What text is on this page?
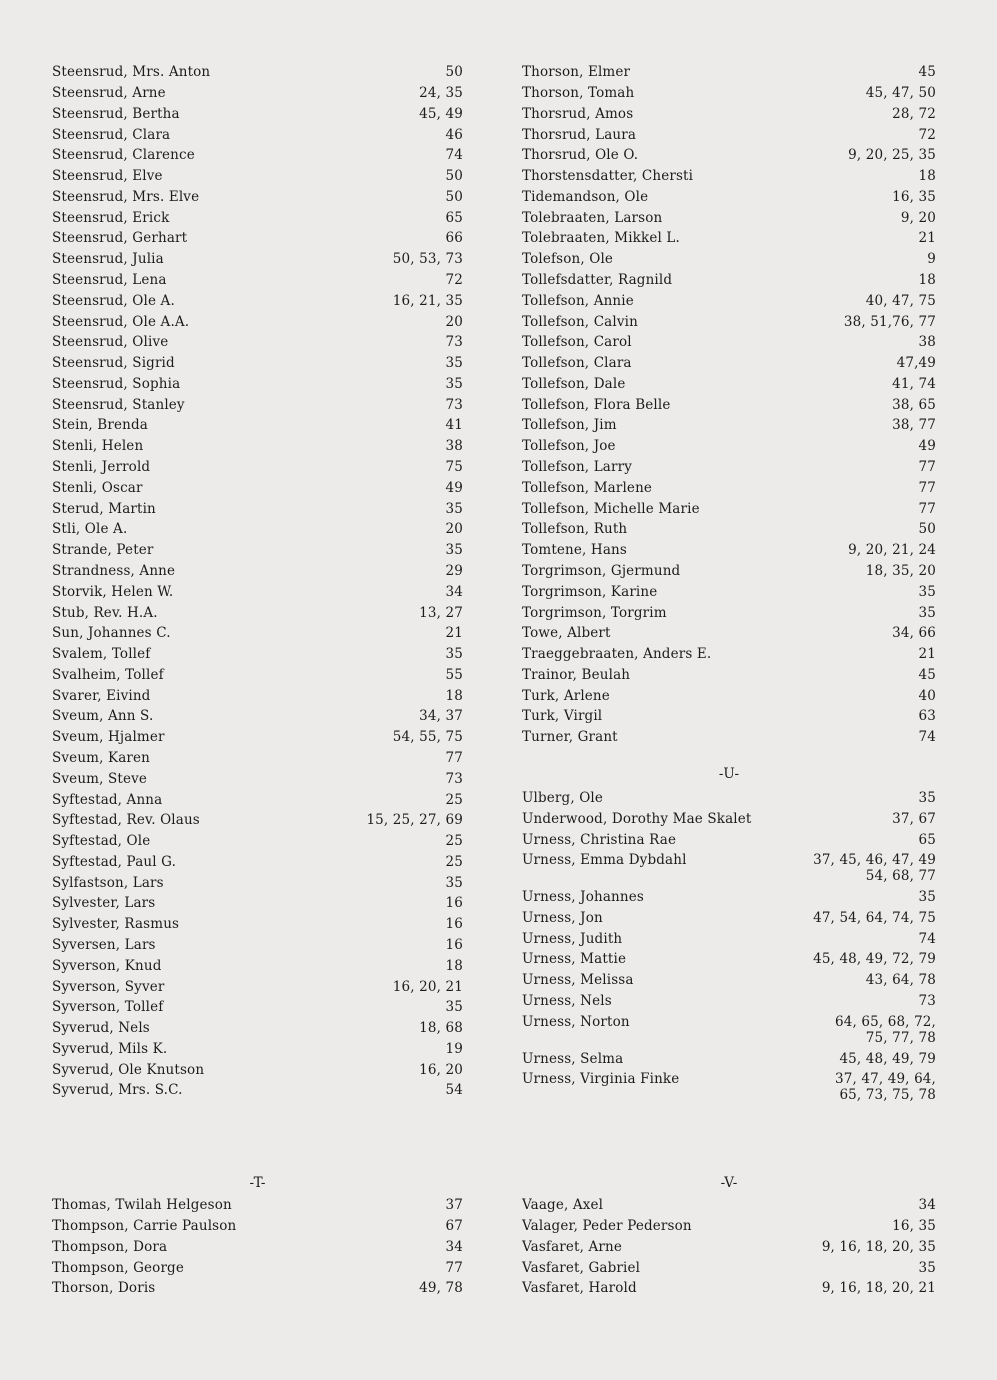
Steensrud, Mrs. Anton	50
Steensrud, Arne	24, 35
Steensrud, Bertha	45, 49
Steensrud, Clara	46
Steensrud, Clarence	74
Steensrud, Elve	50
Steensrud, Mrs. Elve	50
Steensrud, Erick	65
Steensrud, Gerhart	66
Steensrud, Julia	50, 53, 73
Steensrud, Lena	72
Steensrud, Ole A.	16, 21, 35
Steensrud, Ole A.A.	20
Steensrud, Olive	73
Steensrud, Sigrid	35
Steensrud, Sophia	35
Steensrud, Stanley	73
Stein, Brenda	41
Stenli, Helen	38
Stenli, Jerrold	75
Stenli, Oscar	49
Sterud, Martin	35
Stli, Ole A.	20
Strande, Peter	35
Strandness, Anne	29
Storvik, Helen W.	34
Stub, Rev. H.A.	13, 27
Sun, Johannes C.	21
Svalem, Tollef	35
Svalheim, Tollef	55
Svarer, Eivind	18
Sveum, Ann S.	34, 37
Sveum, Hjalmer	54, 55, 75
Sveum, Karen	77
Sveum, Steve	73
Syftestad, Anna	25
Syftestad, Rev. Olaus	15, 25, 27, 69
Syftestad, Ole	25
Syftestad, Paul G.	25
Sylfastson, Lars	35
Sylvester, Lars	16
Sylvester, Rasmus	16
Syversen, Lars	16
Syverson, Knud	18
Syverson, Syver	16, 20, 21
Syverson, Tollef	35
Syverud, Nels	18, 68
Syverud, Mils K.	19
Syverud, Ole Knutson	16, 20
Syverud, Mrs. S.C.	54
Thorson, Elmer	45
Thorson, Tomah	45, 47, 50
Thorsrud, Amos	28, 72
Thorsrud, Laura	72
Thorsrud, Ole O.	9, 20, 25, 35
Thorstensdatter, Chersti	18
Tidemandson, Ole	16, 35
Tolebraaten, Larson	9, 20
Tolebraaten, Mikkel L.	21
Tolefson, Ole	9
Tollefsdatter, Ragnild	18
Tollefson, Annie	40, 47, 75
Tollefson, Calvin	38, 51,76, 77
Tollefson, Carol	38
Tollefson, Clara	47,49
Tollefson, Dale	41, 74
Tollefson, Flora Belle	38, 65
Tollefson, Jim	38, 77
Tollefson, Joe	49
Tollefson, Larry	77
Tollefson, Marlene	77
Tollefson, Michelle Marie	77
Tollefson, Ruth	50
Tomtene, Hans	9, 20, 21, 24
Torgrimson, Gjermund	18, 35, 20
Torgrimson, Karine	35
Torgrimson, Torgrim	35
Towe, Albert	34, 66
Traeggebraaten, Anders E.	21
Trainor, Beulah	45
Turk, Arlene	40
Turk, Virgil	63
Turner, Grant	74
-U-
Ulberg, Ole	35
Underwood, Dorothy Mae Skalet	37, 67
Urness, Christina Rae	65
Urness, Emma Dybdahl	37, 45, 46, 47, 49
54, 68, 77
Urness, Johannes	35
Urness, Jon	47, 54, 64, 74, 75
Urness, Judith	74
Urness, Mattie	45, 48, 49, 72, 79
Urness, Melissa	43, 64, 78
Urness, Nels	73
Urness, Norton	64, 65, 68, 72,
75, 77, 78
Urness, Selma	45, 48, 49, 79
Urness, Virginia Finke	37, 47, 49, 64,
65, 73, 75, 78
-T-
Thomas, Twilah Helgeson	37
Thompson, Carrie Paulson	67
Thompson, Dora	34
Thompson, George	77
Thorson, Doris	49, 78
-V-
Vaage, Axel	34
Valager, Peder Pederson	16, 35
Vasfaret, Arne	9, 16, 18, 20, 35
Vasfaret, Gabriel	35
Vasfaret, Harold	9, 16, 18, 20, 21
